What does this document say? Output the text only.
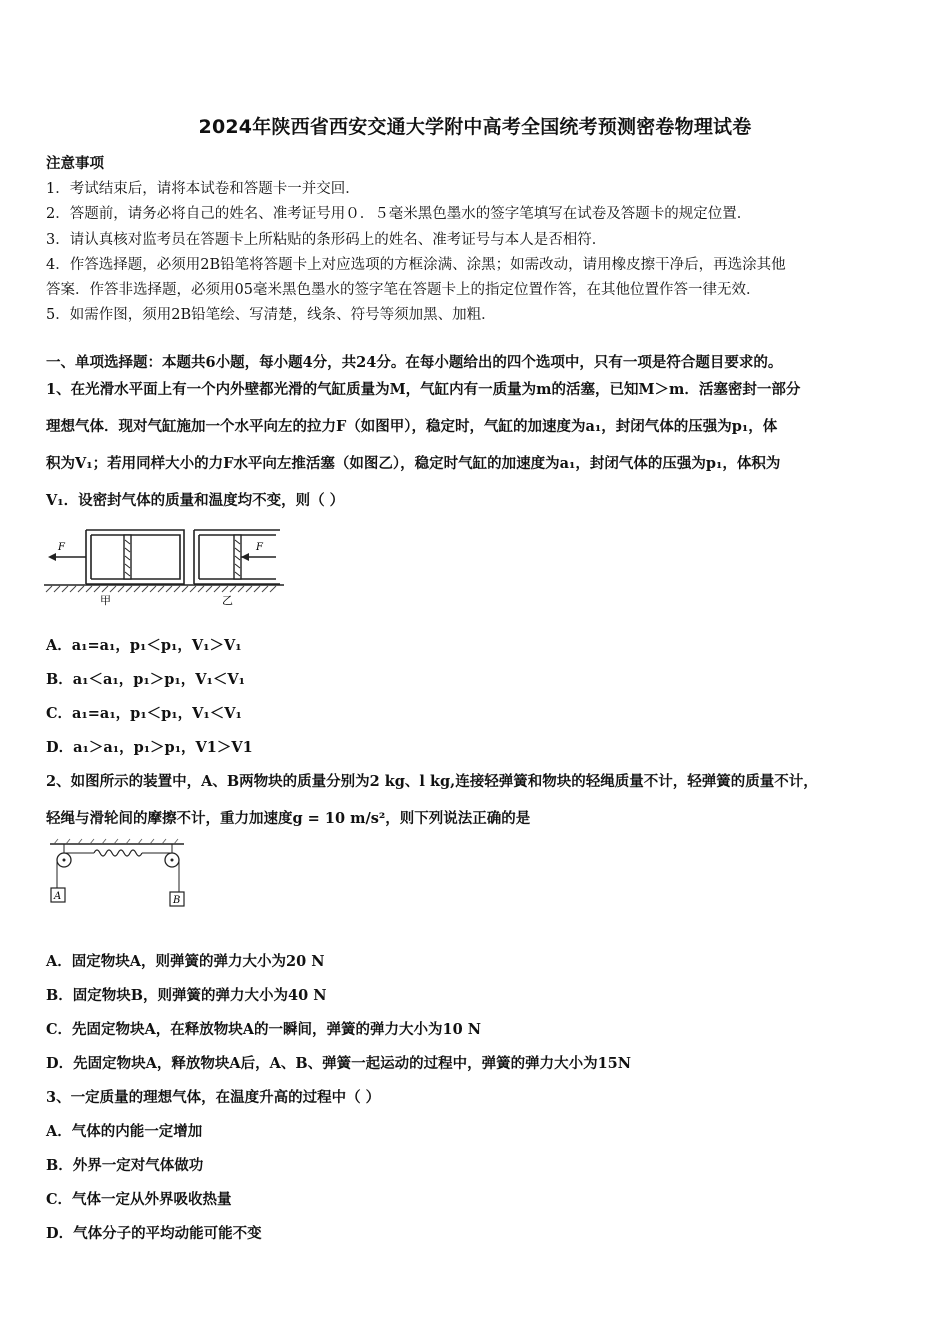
2024年陕西省西安交通大学附中高考全国统考预测密卷物理试卷
注意事项
1．考试结束后，请将本试卷和答题卡一并交回．
2．答题前，请务必将自己的姓名、准考证号用０．５毫米黑色墨水的签字笔填写在试卷及答题卡的规定位置．
3．请认真核对监考员在答题卡上所粘贴的条形码上的姓名、准考证号与本人是否相符．
4．作答选择题，必须用2B铅笔将答题卡上对应选项的方框涂满、涂黑；如需改动，请用橡皮擦干净后，再选涂其他
答案．作答非选择题，必须用05毫米黑色墨水的签字笔在答题卡上的指定位置作答，在其他位置作答一律无效．
5．如需作图，须用2B铅笔绘、写清楚，线条、符号等须加黑、加粗．
一、单项选择题：本题共6小题，每小题4分，共24分。在每小题给出的四个选项中，只有一项是符合题目要求的。
1、在光滑水平面上有一个内外壁都光滑的气缸质量为M，气缸内有一质量为m的活塞，已知M＞m．活塞密封一部分
理想气体．现对气缸施加一个水平向左的拉力F（如图甲），稳定时，气缸的加速度为a₁，封闭气体的压强为p₁，体
积为V₁；若用同样大小的力F水平向左推活塞（如图乙），稳定时气缸的加速度为a₁，封闭气体的压强为p₁，体积为
V₁．设密封气体的质量和温度均不变，则（ ）
F	F
甲	乙
A．a₁=a₁，p₁＜p₁，V₁＞V₁
B．a₁＜a₁，p₁＞p₁，V₁＜V₁
C．a₁=a₁，p₁＜p₁，V₁＜V₁
D．a₁＞a₁，p₁＞p₁，V1＞V1
2、如图所示的装置中，A、B两物块的质量分别为2 kg、l kg,连接轻弹簧和物块的轻绳质量不计，轻弹簧的质量不计，
轻绳与滑轮间的摩擦不计，重力加速度g = 10 m/s²，则下列说法正确的是
A	B
A．固定物块A，则弹簧的弹力大小为20 N
B．固定物块B，则弹簧的弹力大小为40 N
C．先固定物块A，在释放物块A的一瞬间，弹簧的弹力大小为10 N
D．先固定物块A，释放物块A后，A、B、弹簧一起运动的过程中，弹簧的弹力大小为15N
3、一定质量的理想气体，在温度升高的过程中（ ）
A．气体的内能一定增加
B．外界一定对气体做功
C．气体一定从外界吸收热量
D．气体分子的平均动能可能不变
